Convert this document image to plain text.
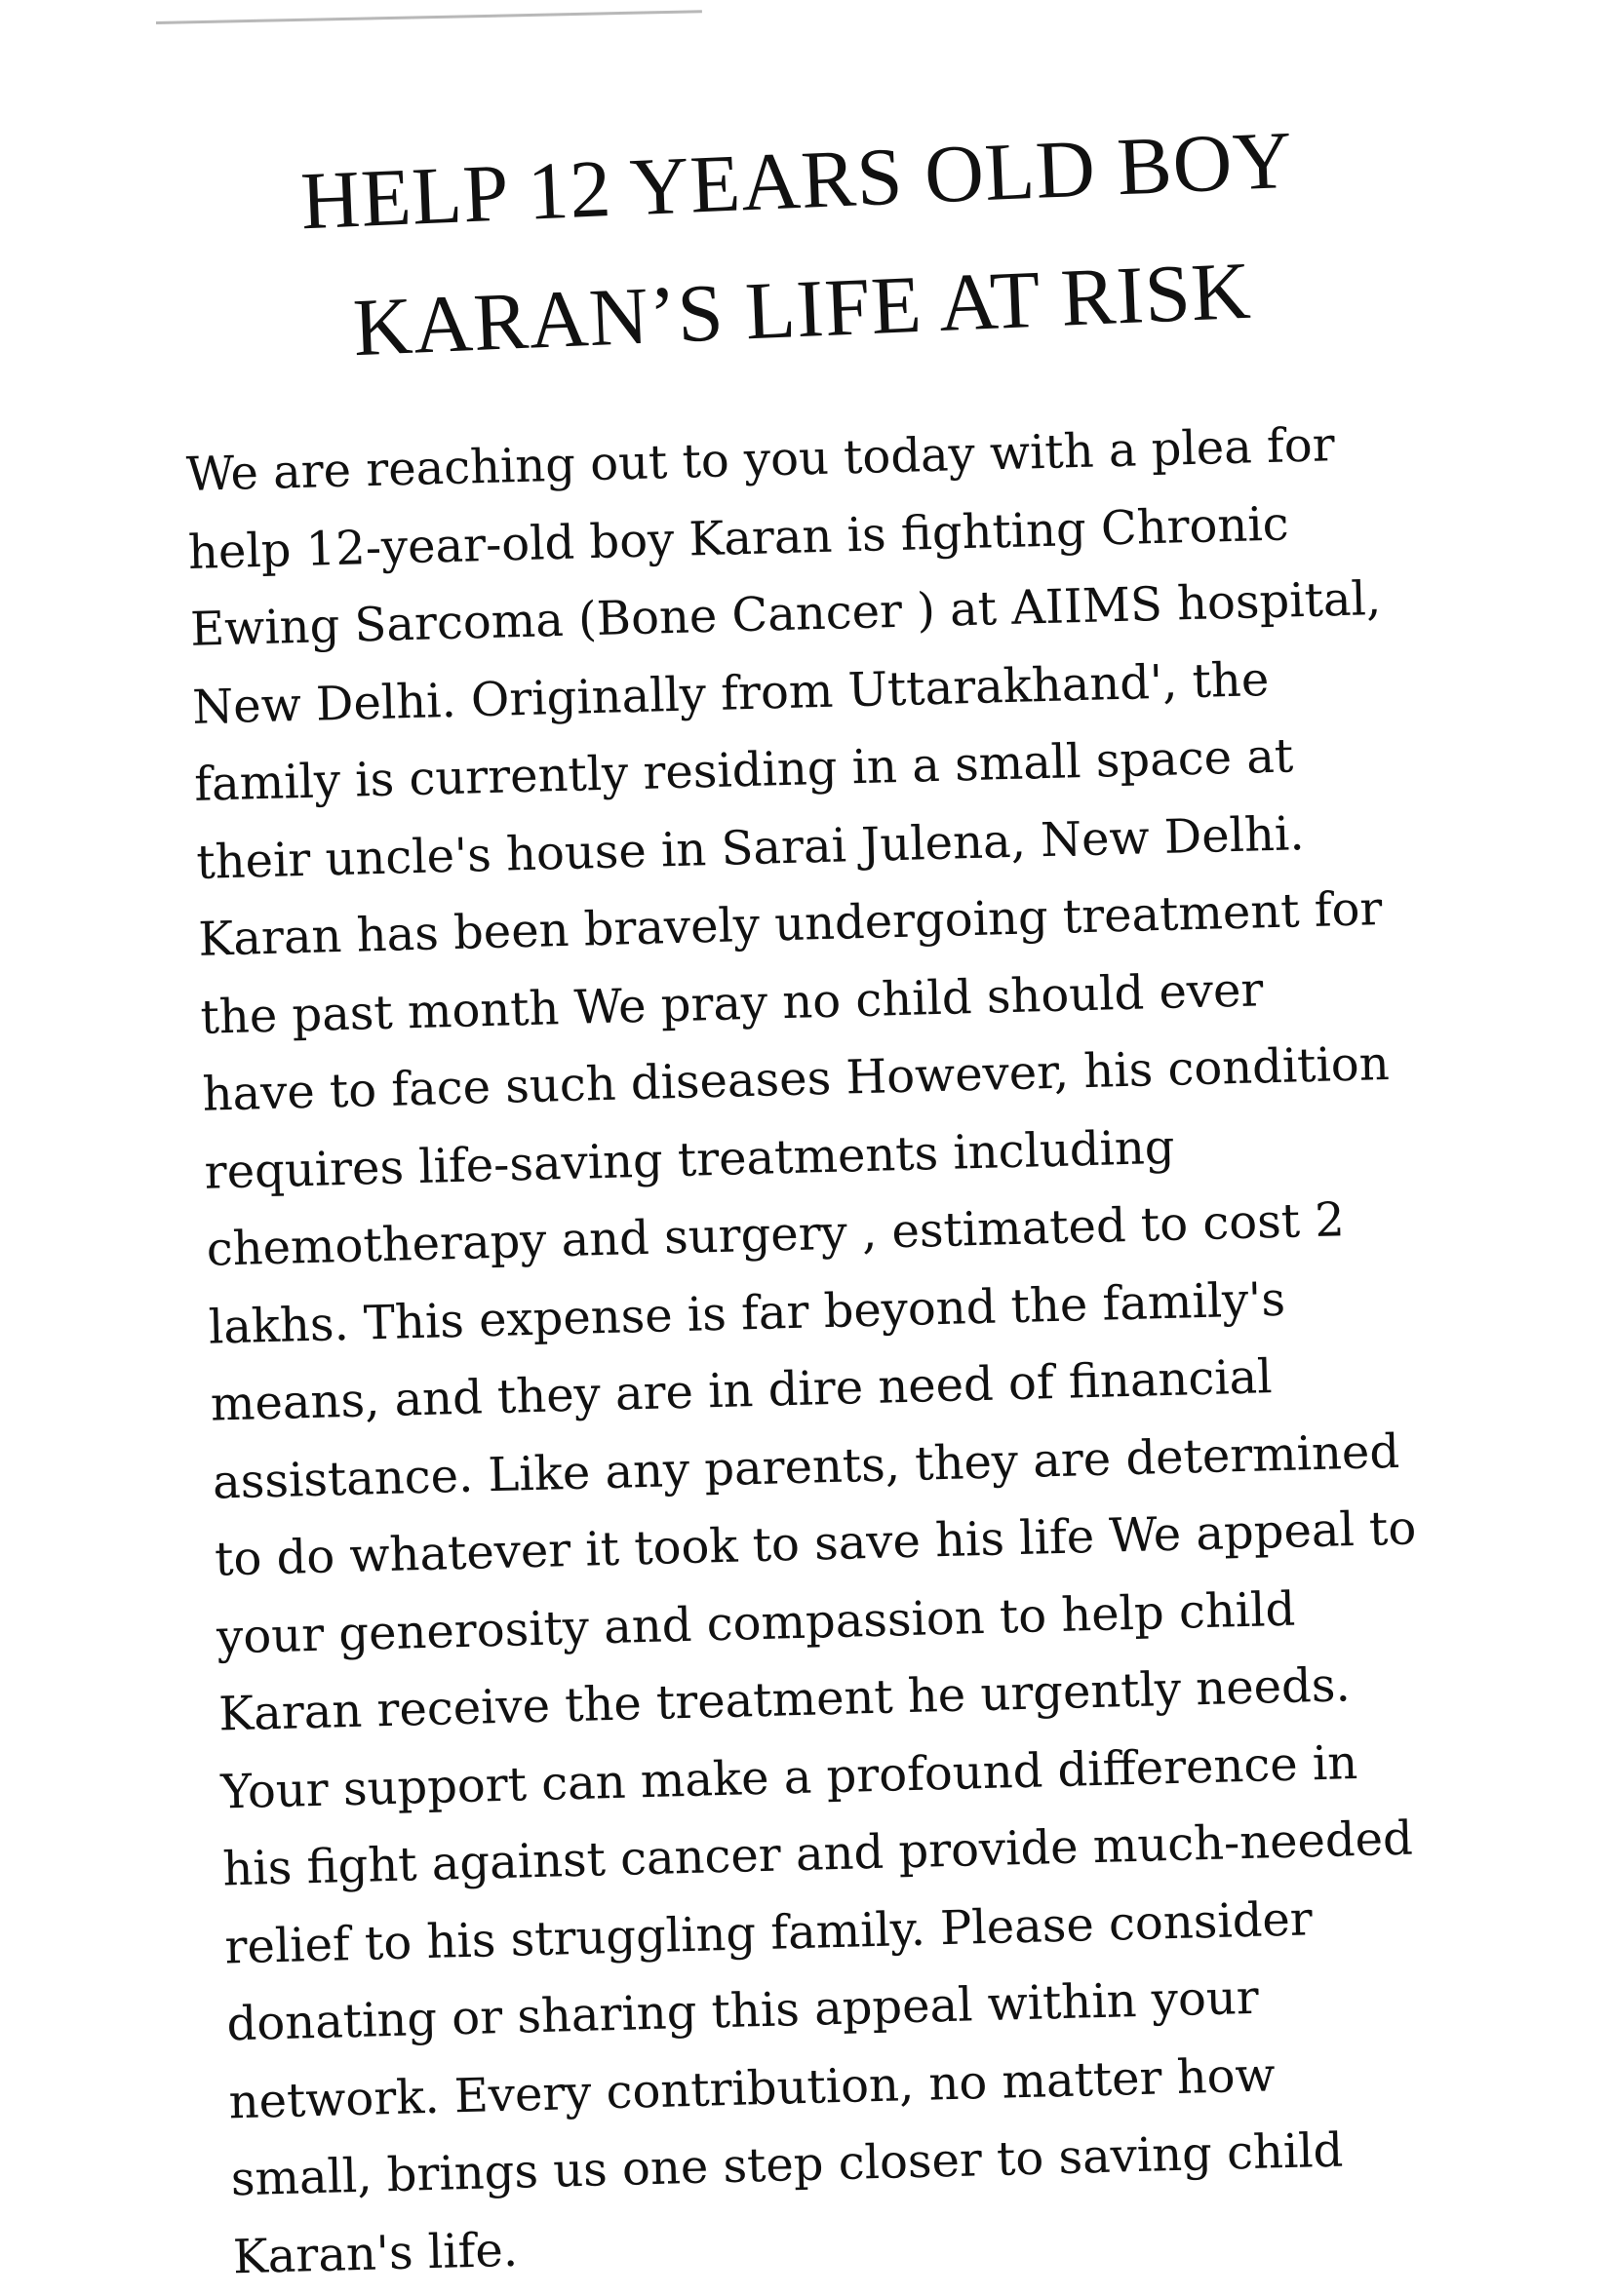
HELP 12 YEARS OLD BOY
KARAN’S LIFE AT RISK
We are reaching out to you today with a plea for
help 12-year-old boy Karan is fighting Chronic
Ewing Sarcoma (Bone Cancer ) at AIIMS hospital,
New Delhi. Originally from Uttarakhand', the
family is currently residing in a small space at
their uncle's house in Sarai Julena, New Delhi.
Karan has been bravely undergoing treatment for
the past month We pray no child should ever
have to face such diseases However, his condition
requires life-saving treatments including
chemotherapy and surgery , estimated to cost 2
lakhs. This expense is far beyond the family's
means, and they are in dire need of financial
assistance. Like any parents, they are determined
to do whatever it took to save his life We appeal to
your generosity and compassion to help child
Karan receive the treatment he urgently needs.
Your support can make a profound difference in
his fight against cancer and provide much-needed
relief to his struggling family. Please consider
donating or sharing this appeal within your
network. Every contribution, no matter how
small, brings us one step closer to saving child
Karan's life.
